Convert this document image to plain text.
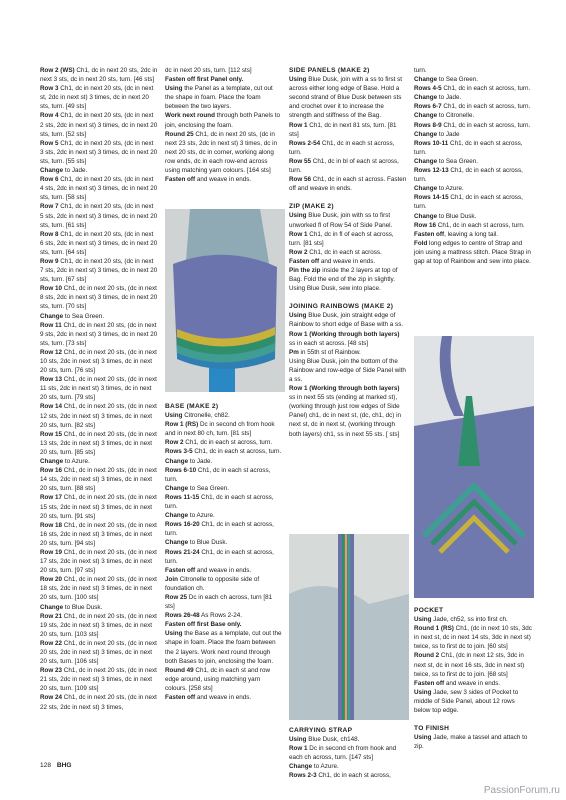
Row 2 (WS) Ch1, dc in next 20 sts, 2dc in next 3 sts, dc in next 20 sts, turn. [46 sts]

Row 3 Ch1, dc in next 20 sts, (dc in next st, 2dc in next st) 3 times, dc in next 20 sts, turn. [49 sts]

Row 4 Ch1, dc in next 20 sts, (dc in next 2 sts, 2dc in next st) 3 times, dc in next 20 sts, turn. [52 sts]

Row 5 Ch1, dc in next 20 sts, (dc in next 3 sts, 2dc in next st) 3 times, dc in next 20 sts, turn. [55 sts]

Change to Jade.

Row 6 Ch1, dc in next 20 sts, (dc in next 4 sts, 2dc in next st) 3 times, dc in next 20 sts, turn. [58 sts]

Row 7 Ch1, dc in next 20 sts, (dc in next 5 sts, 2dc in next st) 3 times, dc in next 20 sts, turn. [61 sts]

Row 8 Ch1, dc in next 20 sts, (dc in next 6 sts, 2dc in next st) 3 times, dc in next 20 sts, turn. [64 sts]

Row 9 Ch1, dc in next 20 sts, (dc in next 7 sts, 2dc in next st) 3 times, dc in next 20 sts, turn. [67 sts]

Row 10 Ch1, dc in next 20 sts, (dc in next 8 sts, 2dc in next st) 3 times, dc in next 20 sts, turn. [70 sts]

Change to Sea Green.

Row 11 Ch1, dc in next 20 sts, (dc in next 9 sts, 2dc in next st) 3 times, dc in next 20 sts, turn. [73 sts]

Row 12 Ch1, dc in next 20 sts, (dc in next 10 sts, 2dc in next st) 3 times, dc in next 20 sts, turn. [76 sts]

Row 13 Ch1, dc in next 20 sts, (dc in next 11 sts, 2dc in next st) 3 times, dc in next 20 sts, turn. [79 sts]

Row 14 Ch1, dc in next 20 sts, (dc in next 12 sts, 2dc in next st) 3 times, dc in next 20 sts, turn. [82 sts]

Row 15 Ch1, dc in next 20 sts, (dc in next 13 sts, 2dc in next st) 3 times, dc in next 20 sts, turn. [85 sts]

Change to Azure.

Row 16 Ch1, dc in next 20 sts, (dc in next 14 sts, 2dc in next st) 3 times, dc in next 20 sts, turn. [88 sts]

Row 17 Ch1, dc in next 20 sts, (dc in next 15 sts, 2dc in next st) 3 times, dc in next 20 sts, turn. [91 sts]

Row 18 Ch1, dc in next 20 sts, (dc in next 16 sts, 2dc in next st) 3 times, dc in next 20 sts, turn. [94 sts]

Row 19 Ch1, dc in next 20 sts, (dc in next 17 sts, 2dc in next st) 3 times, dc in next 20 sts, turn. [97 sts]

Row 20 Ch1, dc in next 20 sts, (dc in next 18 sts, 2dc in next st) 3 times, dc in next 20 sts, turn. [100 sts]

Change to Blue Dusk.

Row 21 Ch1, dc in next 20 sts, (dc in next 19 sts, 2dc in next st) 3 times, dc in next 20 sts, turn. [103 sts]

Row 22 Ch1, dc in next 20 sts, (dc in next 20 sts, 2dc in next st) 3 times, dc in next 20 sts, turn. [106 sts]

Row 23 Ch1, dc in next 20 sts, (dc in next 21 sts, 2dc in next st) 3 times, dc in next 20 sts, turn. [109 sts]

Row 24 Ch1, dc in next 20 sts, (dc in next 22 sts, 2dc in next st) 3 times,

dc in next 20 sts, turn. [112 sts]

Fasten off first Panel only.

Using the Panel as a template, cut out the shape in foam. Place the foam between the two layers.

Work next round through both Panels to join, enclosing the foam.

Round 25 Ch1, dc in next 20 sts, (dc in next 23 sts, 2dc in next st) 3 times, dc in next 20 sts, dc in corner, working along row ends, dc in each row-end across using matching yarn colours. [164 sts]

Fasten off and weave in ends.

BASE (MAKE 2)

Using Citronelle, ch82.

Row 1 (RS) Dc in second ch from hook and in next 80 ch, turn. [81 sts]

Row 2 Ch1, dc in each st across, turn.

Rows 3-5 Ch1, dc in each st across, turn.

Change to Jade.

Rows 6-10 Ch1, dc in each st across, turn.

Change to Sea Green.

Rows 11-15 Ch1, dc in each st across, turn.

Change to Azure.

Rows 16-20 Ch1, dc in each st across, turn.

Change to Blue Dusk.

Rows 21-24 Ch1, dc in each st across, turn.

Fasten off and weave in ends.

Join Citronelle to opposite side of foundation ch.

Row 25 Dc in each ch across, turn [81 sts]

Rows 26-48 As Rows 2-24.

Fasten off first Base only.

Using the Base as a template, cut out the shape in foam. Place the foam between the 2 layers. Work next round through both Bases to join, enclosing the foam.

Round 49 Ch1, dc in each st and row edge around, using matching yarn colours. [258 sts]

Fasten off and weave in ends.

SIDE PANELS (MAKE 2)

Using Blue Dusk, join with a ss to first st across either long edge of Base. Hold a second strand of Blue Dusk between sts and crochet over it to increase the strength and stiffness of the Bag.

Row 1 Ch1, dc in next 81 sts, turn. [81 sts]

Rows 2-54 Ch1, dc in each st across, turn.

Row 55 Ch1, dc in bl of each st across, turn.

Row 56 Ch1, dc in each st across. Fasten off and weave in ends.

ZIP (MAKE 2)

Using Blue Dusk, join with ss to first unworked fl of Row 54 of Side Panel.

Row 1 Ch1, dc in fl of each st across, turn. [81 sts]

Row 2 Ch1, dc in each st across.

Fasten off and weave in ends.

Pin the zip inside the 2 layers at top of Bag. Fold the end of the zip in slightly. Using Blue Dusk, sew into place.

JOINING RAINBOWS (MAKE 2)

Using Blue Dusk, join straight edge of Rainbow to short edge of Base with a ss.

Row 1 (Working through both layers) ss in each st across. [48 sts]

Pm in 55th st of Rainbow.

Using Blue Dusk, join the bottom of the Rainbow and row-edge of Side Panel with a ss.

Row 1 (Working through both layers) ss in next 55 sts (ending at marked st), (working through just row edges of Side Panel) ch1, dc in next st, (dc, ch1, dc) in next st, dc in next st, (working through both layers) ch1, ss in next 55 sts. [ sts]

CARRYING STRAP

Using Blue Dusk, ch148.

Row 1 Dc in second ch from hook and each ch across, turn. [147 sts]

Change to Azure.

Rows 2-3 Ch1, dc in each st across,

turn.

Change to Sea Green.

Rows 4-5 Ch1, dc in each st across, turn.

Change to Jade.

Rows 6-7 Ch1, dc in each st across, turn.

Change to Citronelle.

Rows 8-9 Ch1, dc in each st across, turn.

Change to Jade

Rows 10-11 Ch1, dc in each st across, turn.

Change to Sea Green.

Rows 12-13 Ch1, dc in each st across, turn.

Change to Azure.

Rows 14-15 Ch1, dc in each st across, turn.

Change to Blue Dusk.

Row 16 Ch1, dc in each st across, turn.

Fasten off, leaving a long tail.

Fold long edges to centre of Strap and join using a mattress stitch. Place Strap in gap at top of Rainbow and sew into place.

POCKET

Using Jade, ch52, ss into first ch.

Round 1 (RS) Ch1, (dc in next 10 sts, 3dc in next st, dc in next 14 sts, 3dc in next st) twice, ss to first dc to join. [60 sts]

Round 2 Ch1, (dc in next 12 sts, 3dc in next st, dc in next 16 sts, 3dc in next st) twice, ss to first dc to join. [68 sts]

Fasten off and weave in ends.

Using Jade, sew 3 sides of Pocket to middle of Side Panel, about 12 rows below top edge.

TO FINISH

Using Jade, make a tassel and attach to zip.

128 BHG
PassionForum.ru
